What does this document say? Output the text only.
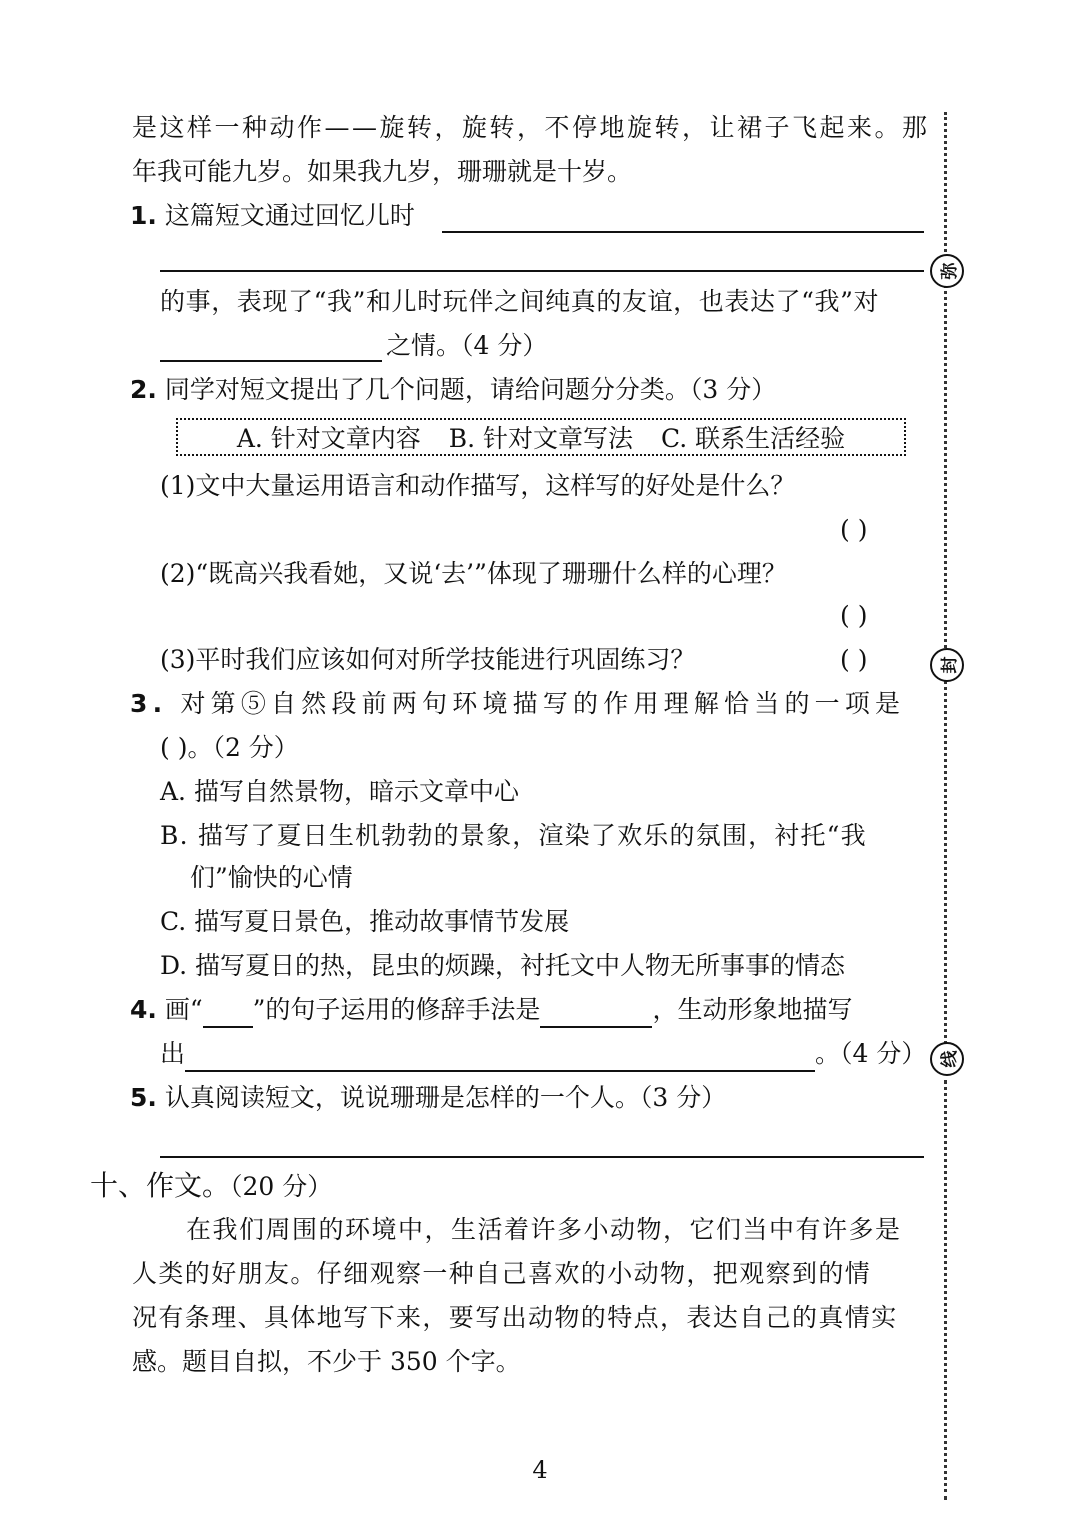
弥
封
线
是这样一种动作——旋转，旋转，不停地旋转，让裙子飞起来。那
年我可能九岁。如果我九岁，珊珊就是十岁。
1. 这篇短文通过回忆儿时
的事，表现了“我”和儿时玩伴之间纯真的友谊，也表达了“我”对
之情。（4 分）
2. 同学对短文提出了几个问题，请给问题分分类。（3 分）
A. 针对文章内容 B. 针对文章写法 C. 联系生活经验
(1)文中大量运用语言和动作描写，这样写的好处是什么？
( )
(2)“既高兴我看她，又说‘去’”体现了珊珊什么样的心理？
( )
(3)平时我们应该如何对所学技能进行巩固练习？	( )
3. 对第⑤自然段前两句环境描写的作用理解恰当的一项是
( )。（2 分）
A. 描写自然景物，暗示文章中心
B. 描写了夏日生机勃勃的景象，渲染了欢乐的氛围，衬托“我
们”愉快的心情
C. 描写夏日景色，推动故事情节发展
D. 描写夏日的热，昆虫的烦躁，衬托文中人物无所事事的情态
4. 画“ ”的句子运用的修辞手法是	，生动形象地描写
出	。（4 分）
5. 认真阅读短文，说说珊珊是怎样的一个人。（3 分）
十、作文。（20 分）
在我们周围的环境中，生活着许多小动物，它们当中有许多是
人类的好朋友。仔细观察一种自己喜欢的小动物，把观察到的情
况有条理、具体地写下来，要写出动物的特点，表达自己的真情实
感。题目自拟，不少于 350 个字。
4
